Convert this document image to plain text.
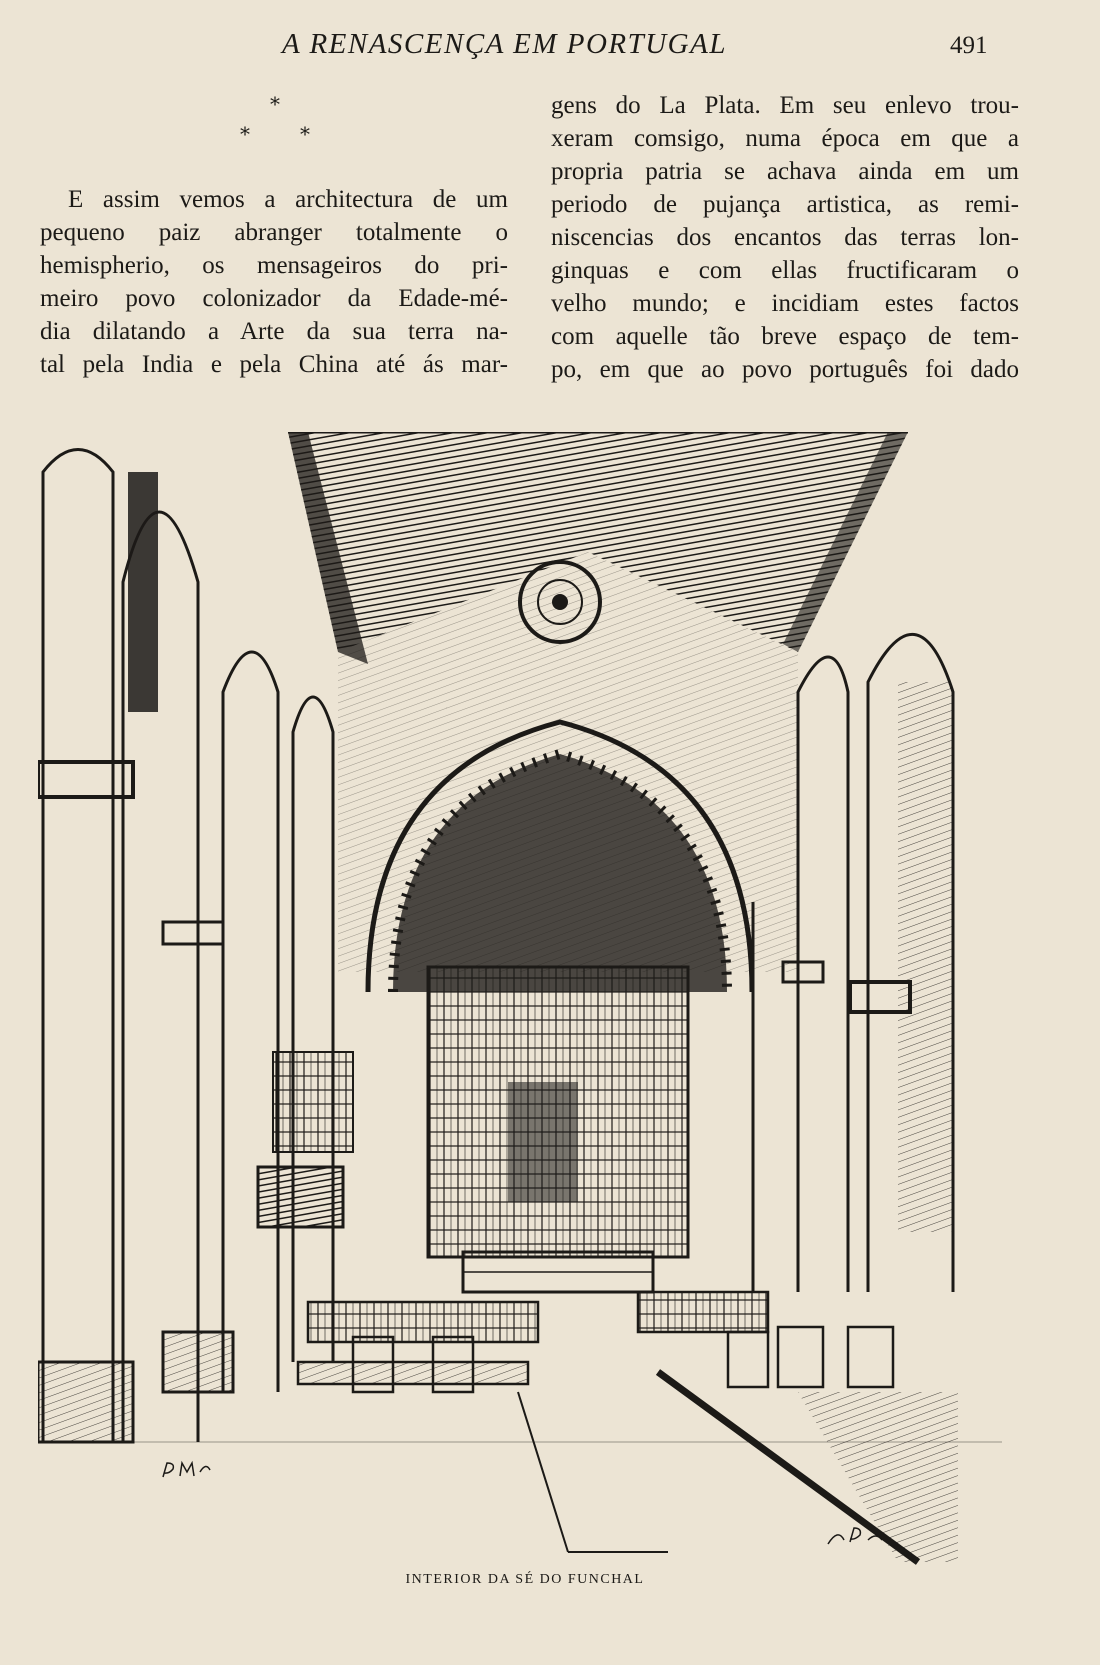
A RENASCENÇA EM PORTUGAL	491
*
*	*
E assim vemos a architectura de um
pequeno paiz abranger totalmente o
hemispherio, os mensageiros do pri-
meiro povo colonizador da Edade-mé-
dia dilatando a Arte da sua terra na-
tal pela India e pela China até ás mar-
gens do La Plata. Em seu enlevo trou-
xeram comsigo, numa época em que a
propria patria se achava ainda em um
periodo de pujança artistica, as remi-
niscencias dos encantos das terras lon-
ginquas e com ellas fructificaram o
velho mundo; e incidiam estes factos
com aquelle tão breve espaço de tem-
po, em que ao povo português foi dado
INTERIOR DA SÉ DO FUNCHAL
